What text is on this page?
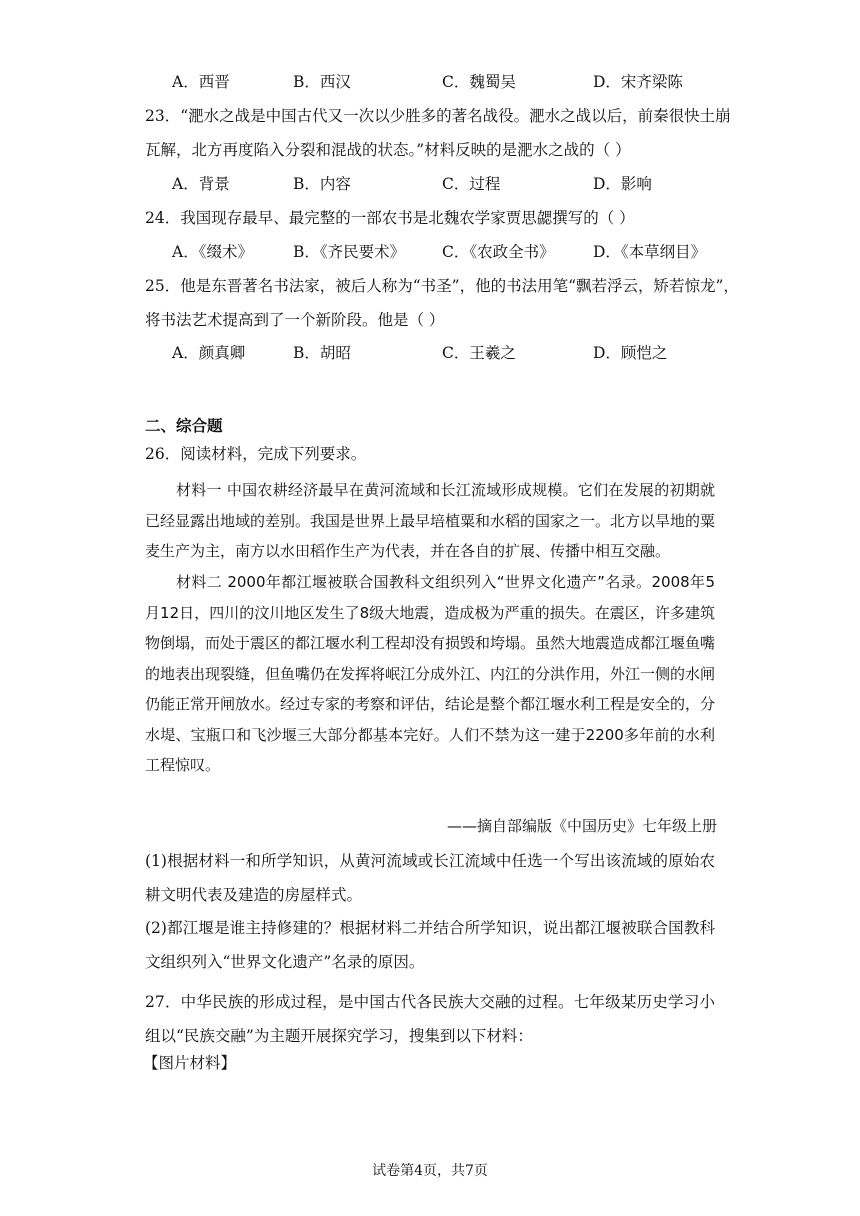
A．西晋	B．西汉	C．魏蜀吴	D．宋齐梁陈
23．“淝水之战是中国古代又一次以少胜多的著名战役。淝水之战以后，前秦很快土崩
瓦解，北方再度陷入分裂和混战的状态。”材料反映的是淝水之战的（ ）
A．背景	B．内容	C．过程	D．影响
24．我国现存最早、最完整的一部农书是北魏农学家贾思勰撰写的（ ）
A．《缀术》	B．《齐民要术》 C．《农政全书》 D．《本草纲目》
25．他是东晋著名书法家，被后人称为“书圣”，他的书法用笔“飘若浮云，矫若惊龙”，
将书法艺术提高到了一个新阶段。他是（ ）
A．颜真卿	B．胡昭	C．王羲之	D．顾恺之
二、综合题
26．阅读材料，完成下列要求。
材料一 中国农耕经济最早在黄河流域和长江流域形成规模。它们在发展的初期就已经显露出地域的差别。我国是世界上最早培植粟和水稻的国家之一。北方以旱地的粟麦生产为主，南方以水田稻作生产为代表，并在各自的扩展、传播中相互交融。
材料二 2000年都江堰被联合国教科文组织列入“世界文化遗产”名录。2008年5月12日，四川的汶川地区发生了8级大地震，造成极为严重的损失。在震区，许多建筑物倒塌，而处于震区的都江堰水利工程却没有损毁和垮塌。虽然大地震造成都江堰鱼嘴的地表出现裂缝，但鱼嘴仍在发挥将岷江分成外江、内江的分洪作用，外江一侧的水闸仍能正常开闸放水。经过专家的考察和评估，结论是整个都江堰水利工程是安全的，分水堤、宝瓶口和飞沙堰三大部分都基本完好。人们不禁为这一建于2200多年前的水利工程惊叹。
——摘自部编版《中国历史》七年级上册
(1)根据材料一和所学知识，从黄河流域或长江流域中任选一个写出该流域的原始农耕文明代表及建造的房屋样式。
(2)都江堰是谁主持修建的？根据材料二并结合所学知识，说出都江堰被联合国教科文组织列入“世界文化遗产”名录的原因。
27．中华民族的形成过程，是中国古代各民族大交融的过程。七年级某历史学习小组以“民族交融”为主题开展探究学习，搜集到以下材料：
【图片材料】
试卷第4页，共7页
